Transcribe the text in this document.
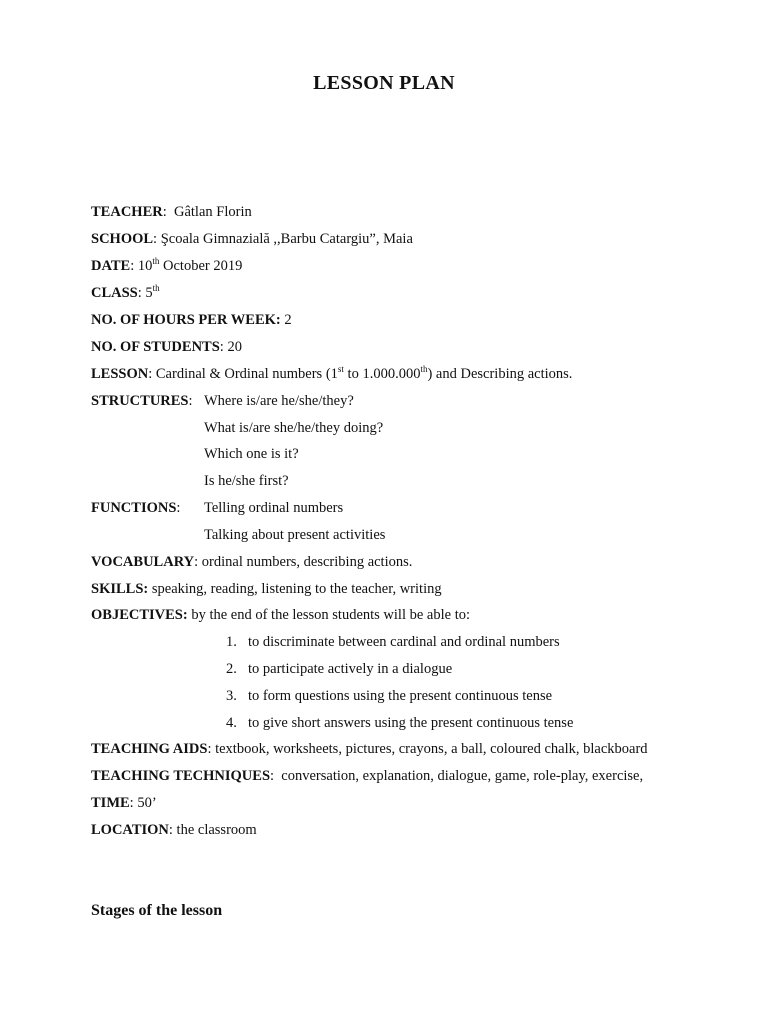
LESSON PLAN
TEACHER:  Gâtlan Florin
SCHOOL: Şcoala Gimnazială ,,Barbu Catargiu”, Maia
DATE: 10th October 2019
CLASS: 5th
NO. OF HOURS PER WEEK: 2
NO. OF STUDENTS: 20
LESSON: Cardinal & Ordinal numbers (1st to 1.000.000th) and Describing actions.
STRUCTURES: Where is/are he/she/they?
What is/are she/he/they doing?
Which one is it?
Is he/she first?
FUNCTIONS: Telling ordinal numbers
Talking about present activities
VOCABULARY: ordinal numbers, describing actions.
SKILLS: speaking, reading, listening to the teacher, writing
OBJECTIVES: by the end of the lesson students will be able to:
1. to discriminate between cardinal and ordinal numbers
2. to participate actively in a dialogue
3. to form questions using the present continuous tense
4. to give short answers using the present continuous tense
TEACHING AIDS: textbook, worksheets, pictures, crayons, a ball, coloured chalk, blackboard
TEACHING TECHNIQUES:  conversation, explanation, dialogue, game, role-play, exercise,
TIME: 50’
LOCATION: the classroom
Stages of the lesson
